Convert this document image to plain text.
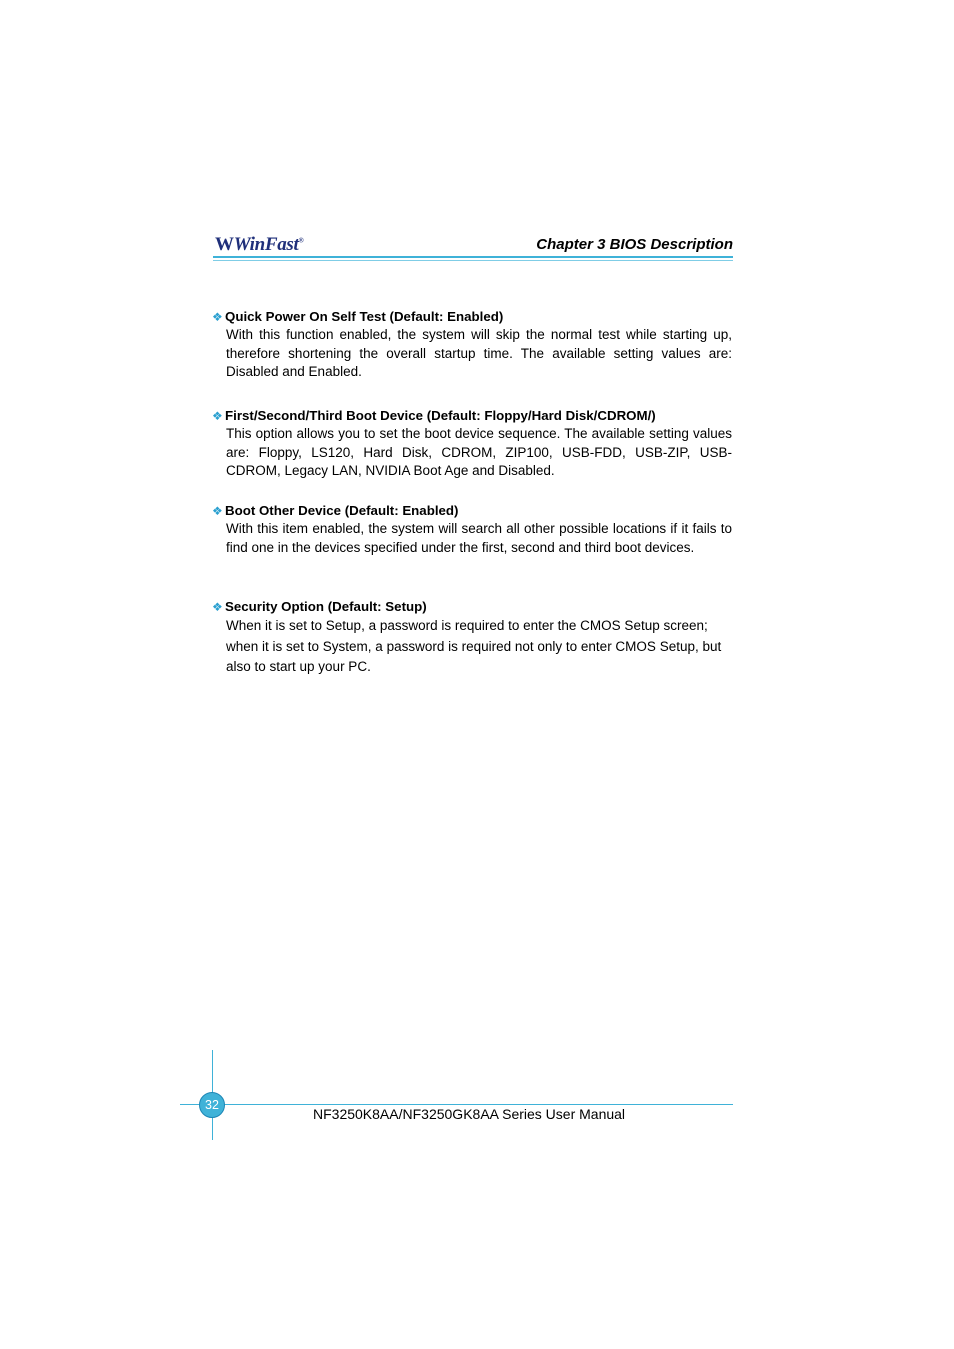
WWinFast®	Chapter 3 BIOS Description
❖ Quick Power On Self Test (Default: Enabled)
With this function enabled, the system will skip the normal test while starting up, therefore shortening the overall startup time. The available setting values are: Disabled and Enabled.
❖ First/Second/Third Boot Device (Default: Floppy/Hard Disk/CDROM/)
This option allows you to set the boot device sequence. The available setting values are: Floppy, LS120, Hard Disk, CDROM, ZIP100, USB-FDD, USB-ZIP, USB-CDROM, Legacy LAN, NVIDIA Boot Age and Disabled.
❖ Boot Other Device (Default: Enabled)
With this item enabled, the system will search all other possible locations if it fails to find one in the devices specified under the first, second and third boot devices.
❖ Security Option (Default: Setup)
When it is set to Setup, a password is required to enter the CMOS Setup screen; when it is set to System, a password is required not only to enter CMOS Setup, but also to start up your PC.
32
NF3250K8AA/NF3250GK8AA Series User Manual
